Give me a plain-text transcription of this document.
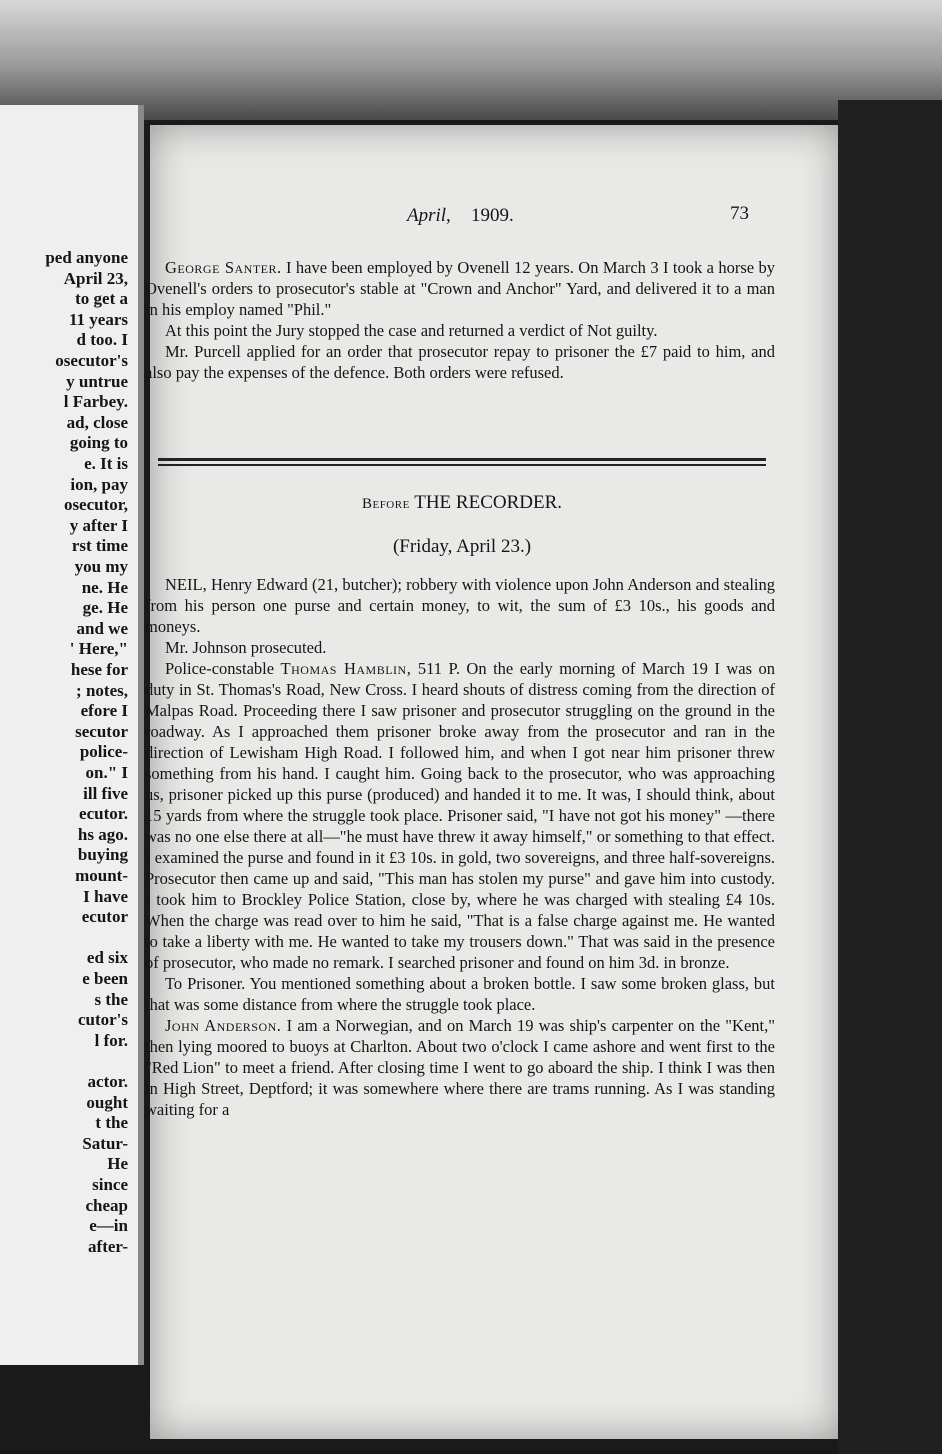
ped anyone
April 23,
to get a
11 years
d too. I
osecutor's
y untrue
l Farbey.
ad, close
going to
e. It is
ion, pay
osecutor,
y after I
rst time
you my
ne. He
ge. He
and we
' Here,"
hese for
; notes,
efore I
secutor
police-
on." I
ill five
ecutor.
hs ago.
buying
mount-
I have
ecutor
ed six
e been
s the
cutor's
l for.
actor.
ought
t the
Satur-
He
since
cheap
e—in
after-
April, 1909.	73

George Santer. I have been employed by Ovenell 12 years. On March 3 I took a horse by Ovenell's orders to prosecutor's stable at "Crown and Anchor" Yard, and delivered it to a man in his employ named "Phil."

At this point the Jury stopped the case and returned a verdict of Not guilty.

Mr. Purcell applied for an order that prosecutor repay to prisoner the £7 paid to him, and also pay the expenses of the defence. Both orders were refused.

Before THE RECORDER.
(Friday, April 23.)

NEIL, Henry Edward (21, butcher); robbery with violence upon John Anderson and stealing from his person one purse and certain money, to wit, the sum of £3 10s., his goods and moneys.

Mr. Johnson prosecuted.

Police-constable Thomas Hamblin, 511 P. On the early morning of March 19 I was on duty in St. Thomas's Road, New Cross. I heard shouts of distress coming from the direction of Malpas Road. Proceeding there I saw prisoner and prosecutor struggling on the ground in the roadway. As I approached them prisoner broke away from the prosecutor and ran in the direction of Lewisham High Road. I followed him, and when I got near him prisoner threw something from his hand. I caught him. Going back to the prosecutor, who was approaching us, prisoner picked up this purse (produced) and handed it to me. It was, I should think, about 15 yards from where the struggle took place. Prisoner said, "I have not got his money" —there was no one else there at all—"he must have threw it away himself," or something to that effect. I examined the purse and found in it £3 10s. in gold, two sovereigns, and three half-sovereigns. Prosecutor then came up and said, "This man has stolen my purse" and gave him into custody. I took him to Brockley Police Station, close by, where he was charged with stealing £4 10s. When the charge was read over to him he said, "That is a false charge against me. He wanted to take a liberty with me. He wanted to take my trousers down." That was said in the presence of prosecutor, who made no remark. I searched prisoner and found on him 3d. in bronze.

To Prisoner. You mentioned something about a broken bottle. I saw some broken glass, but that was some distance from where the struggle took place.

John Anderson. I am a Norwegian, and on March 19 was ship's carpenter on the "Kent," then lying moored to buoys at Charlton. About two o'clock I came ashore and went first to the "Red Lion" to meet a friend. After closing time I went to go aboard the ship. I think I was then in High Street, Deptford; it was somewhere where there are trams running. As I was standing waiting for a
